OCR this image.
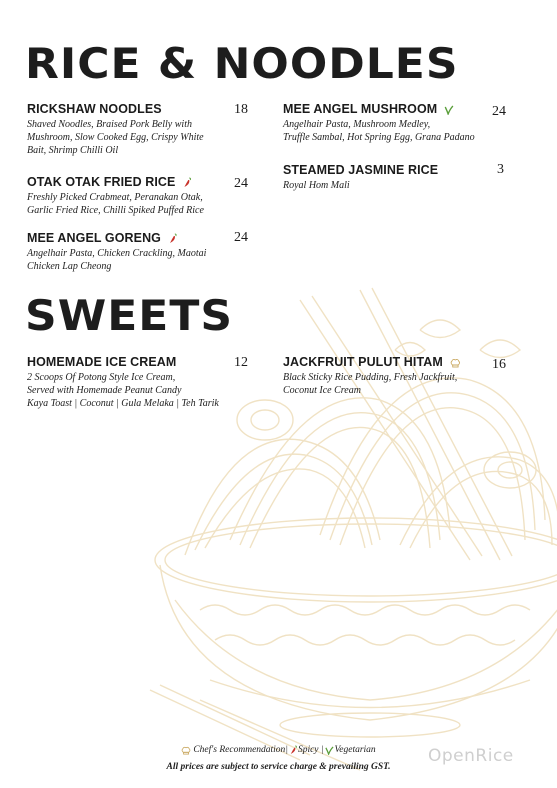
RICE & NOODLES
RICKSHAW NOODLES
Shaved Noodles, Braised Pork Belly with
Mushroom, Slow Cooked Egg, Crispy White
Bait, Shrimp Chilli Oil
18
OTAK OTAK FRIED RICE
Freshly Picked Crabmeat, Peranakan Otak,
Garlic Fried Rice, Chilli Spiked Puffed Rice
24
MEE ANGEL GORENG
Angelhair Pasta, Chicken Crackling, Maotai
Chicken Lap Cheong
24
MEE ANGEL MUSHROOM
Angelhair Pasta, Mushroom Medley,
Truffle Sambal, Hot Spring Egg, Grana Padano
24
STEAMED JASMINE RICE
Royal Hom Mali
3
SWEETS
HOMEMADE ICE CREAM
2 Scoops Of Potong Style Ice Cream,
Served with Homemade Peanut Candy
Kaya Toast | Coconut | Gula Melaka | Teh Tarik
12	JACKFRUIT PULUT HITAM
Black Sticky Rice Pudding, Fresh Jackfruit,
Coconut Ice Cream
16
Chef's Recommendation| Spicy | Vegetarian
All prices are subject to service charge & prevailing GST.
OpenRice
